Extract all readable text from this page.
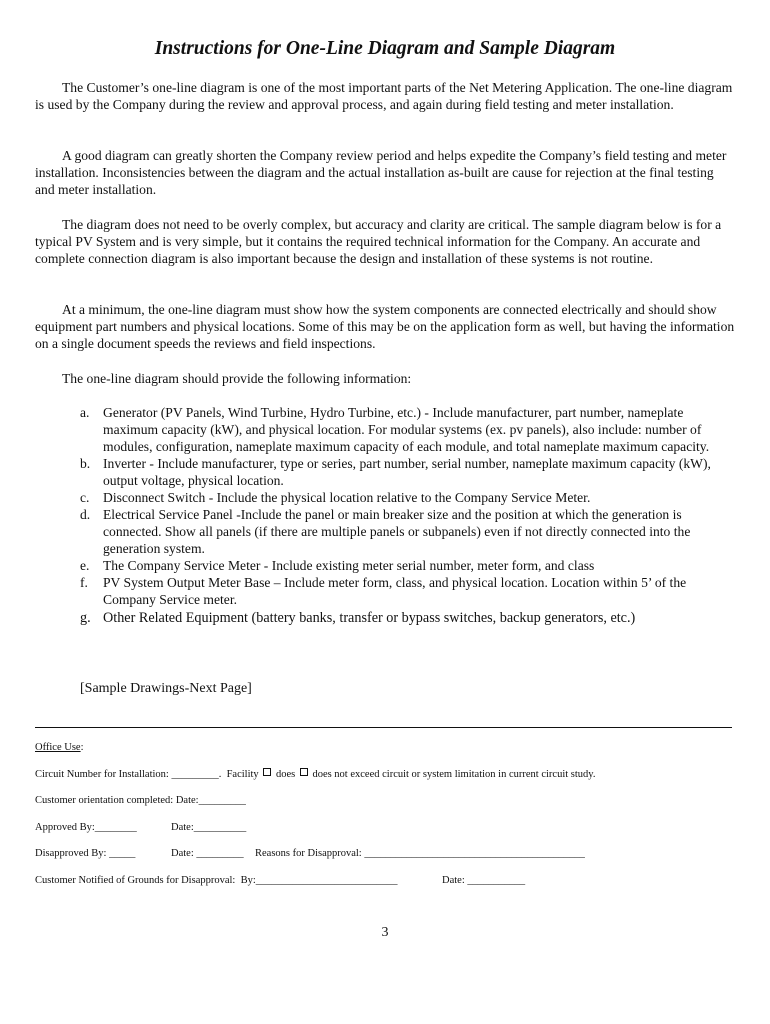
Instructions for One-Line Diagram and Sample Diagram

The Customer’s one-line diagram is one of the most important parts of the Net Metering Application. The one-line diagram is used by the Company during the review and approval process, and again during field testing and meter installation.

A good diagram can greatly shorten the Company review period and helps expedite the Company’s field testing and meter installation. Inconsistencies between the diagram and the actual installation as-built are cause for rejection at the final testing and meter installation.

The diagram does not need to be overly complex, but accuracy and clarity are critical. The sample diagram below is for a typical PV System and is very simple, but it contains the required technical information for the Company. An accurate and complete connection diagram is also important because the design and installation of these systems is not routine.

At a minimum, the one-line diagram must show how the system components are connected electrically and should show equipment part numbers and physical locations. Some of this may be on the application form as well, but having the information on a single document speeds the reviews and field inspections.

The one-line diagram should provide the following information:

a. Generator (PV Panels, Wind Turbine, Hydro Turbine, etc.) - Include manufacturer, part number, nameplate maximum capacity (kW), and physical location. For modular systems (ex. pv panels), also include: number of modules, configuration, nameplate maximum capacity of each module, and total nameplate maximum capacity.
b. Inverter - Include manufacturer, type or series, part number, serial number, nameplate maximum capacity (kW), output voltage, physical location.
c. Disconnect Switch - Include the physical location relative to the Company Service Meter.
d. Electrical Service Panel -Include the panel or main breaker size and the position at which the generation is connected. Show all panels (if there are multiple panels or subpanels) even if not directly connected into the generation system.
e. The Company Service Meter - Include existing meter serial number, meter form, and class
f. PV System Output Meter Base – Include meter form, class, and physical location. Location within 5’ of the Company Service meter.
g. Other Related Equipment (battery banks, transfer or bypass switches, backup generators, etc.)

[Sample Drawings-Next Page]

Office Use:

Circuit Number for Installation: _________.  Facility  does  does not exceed circuit or system limitation in current circuit study.

Customer orientation completed: Date:_________

Approved By:________	Date:__________

Disapproved By: _____	Date: _________ Reasons for Disapproval: __________________________________________

Customer Notified of Grounds for Disapproval:  By:___________________________	Date: ___________

3
